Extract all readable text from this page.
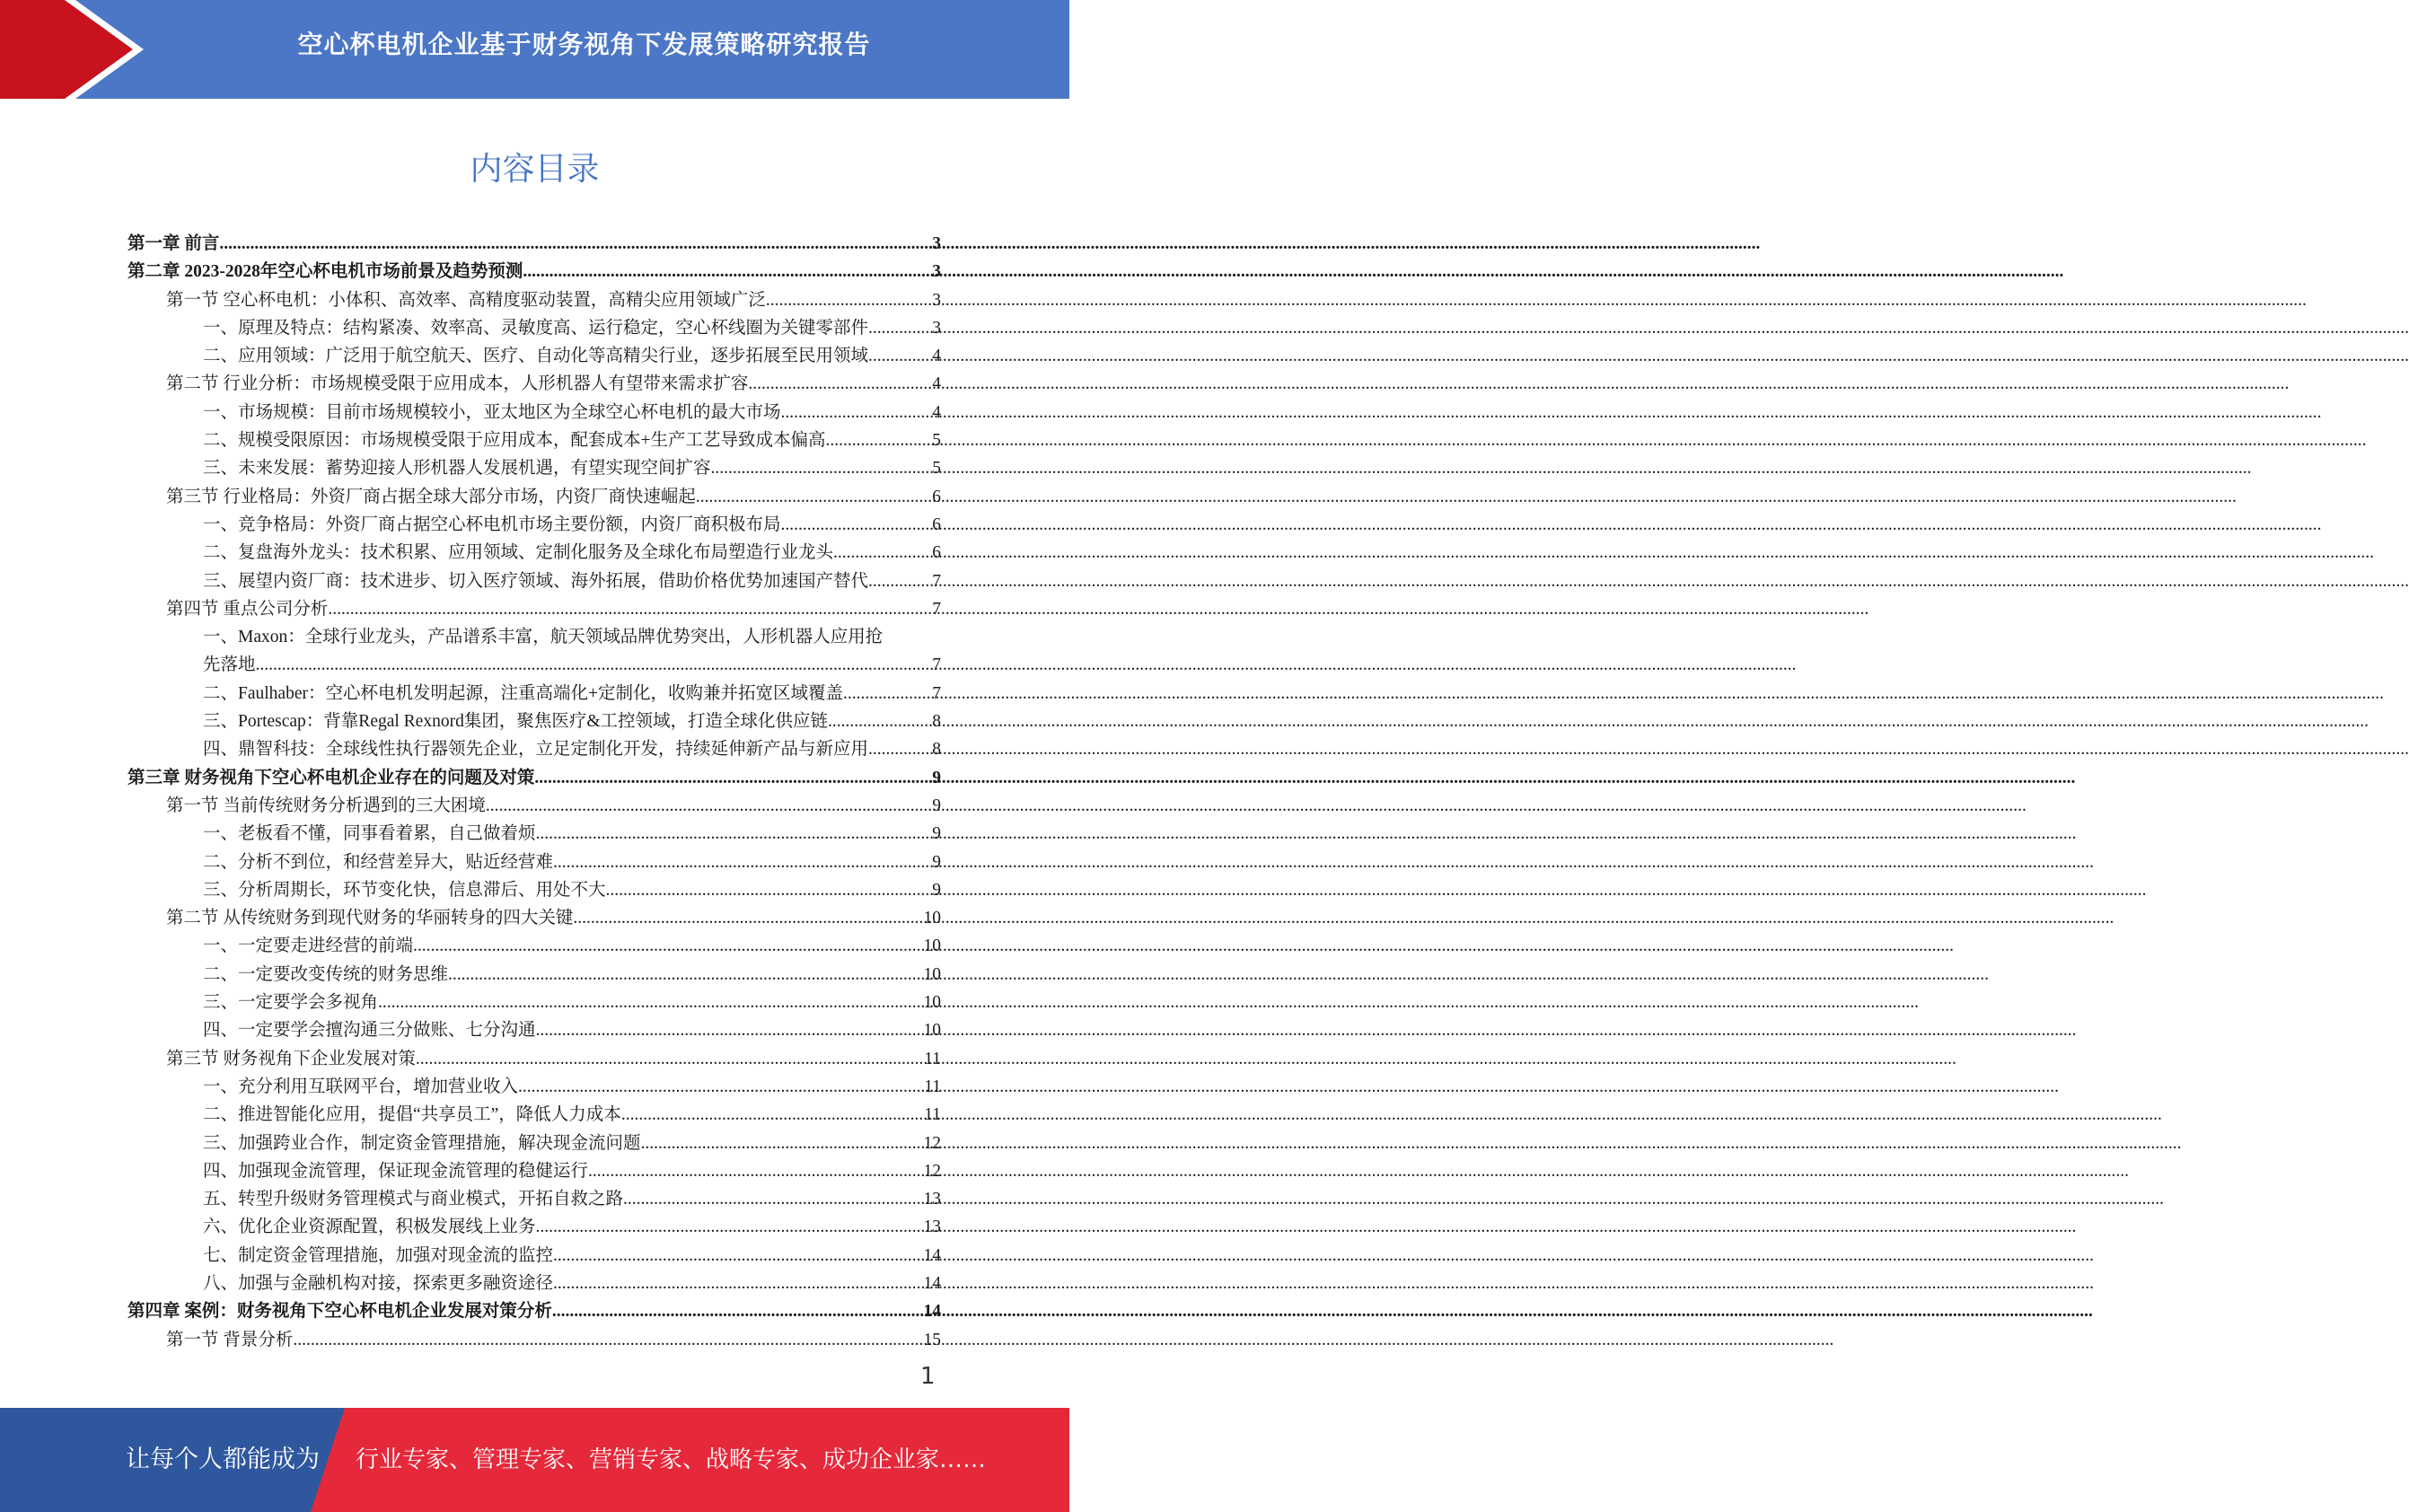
空心杯电机企业基于财务视角下发展策略研究报告
内容目录
第一章 前言 .....	3
第二章 2023-2028年空心杯电机市场前景及趋势预测 .....	3
第一节 空心杯电机：小体积、高效率、高精度驱动装置，高精尖应用领域广泛 .....	3
一、原理及特点：结构紧凑、效率高、灵敏度高、运行稳定，空心杯线圈为关键零部件 .....	3
二、应用领域：广泛用于航空航天、医疗、自动化等高精尖行业，逐步拓展至民用领域 .....	4
第二节 行业分析：市场规模受限于应用成本，人形机器人有望带来需求扩容 .....	4
一、市场规模：目前市场规模较小，亚太地区为全球空心杯电机的最大市场 .....	4
二、规模受限原因：市场规模受限于应用成本，配套成本+生产工艺导致成本偏高 .....	5
三、未来发展：蓄势迎接人形机器人发展机遇，有望实现空间扩容 .....	5
第三节 行业格局：外资厂商占据全球大部分市场，内资厂商快速崛起 .....	6
一、竞争格局：外资厂商占据空心杯电机市场主要份额，内资厂商积极布局 .....	6
二、复盘海外龙头：技术积累、应用领域、定制化服务及全球化布局塑造行业龙头 .....	6
三、展望内资厂商：技术进步、切入医疗领域、海外拓展，借助价格优势加速国产替代 .....	7
第四节 重点公司分析 .....	7
一、Maxon：全球行业龙头，产品谱系丰富，航天领域品牌优势突出，人形机器人应用抢
先落地 .....	7
二、Faulhaber：空心杯电机发明起源，注重高端化+定制化，收购兼并拓宽区域覆盖 .....	7
三、Portescap：背靠Regal Rexnord集团，聚焦医疗&工控领域，打造全球化供应链 .....	8
四、鼎智科技：全球线性执行器领先企业，立足定制化开发，持续延伸新产品与新应用 .....	8
第三章 财务视角下空心杯电机企业存在的问题及对策 .....	9
第一节 当前传统财务分析遇到的三大困境 .....	9
一、老板看不懂，同事看着累，自己做着烦 .....	9
二、分析不到位，和经营差异大，贴近经营难 .....	9
三、分析周期长，环节变化快，信息滞后、用处不大 .....	9
第二节 从传统财务到现代财务的华丽转身的四大关键 .....	10
一、一定要走进经营的前端 .....	10
二、一定要改变传统的财务思维 .....	10
三、一定要学会多视角 .....	10
四、一定要学会擅沟通三分做账、七分沟通 .....	10
第三节 财务视角下企业发展对策 .....	11
一、充分利用互联网平台，增加营业收入 .....	11
二、推进智能化应用，提倡“共享员工”，降低人力成本 .....	11
三、加强跨业合作，制定资金管理措施，解决现金流问题 .....	12
四、加强现金流管理，保证现金流管理的稳健运行 .....	12
五、转型升级财务管理模式与商业模式，开拓自救之路 .....	13
六、优化企业资源配置，积极发展线上业务 .....	13
七、制定资金管理措施，加强对现金流的监控 .....	14
八、加强与金融机构对接，探索更多融资途径 .....	14
第四章 案例：财务视角下空心杯电机企业发展对策分析 .....	14
第一节 背景分析 .....	15
1
让每个人都能成为 行业专家、管理专家、营销专家、战略专家、成功企业家……
